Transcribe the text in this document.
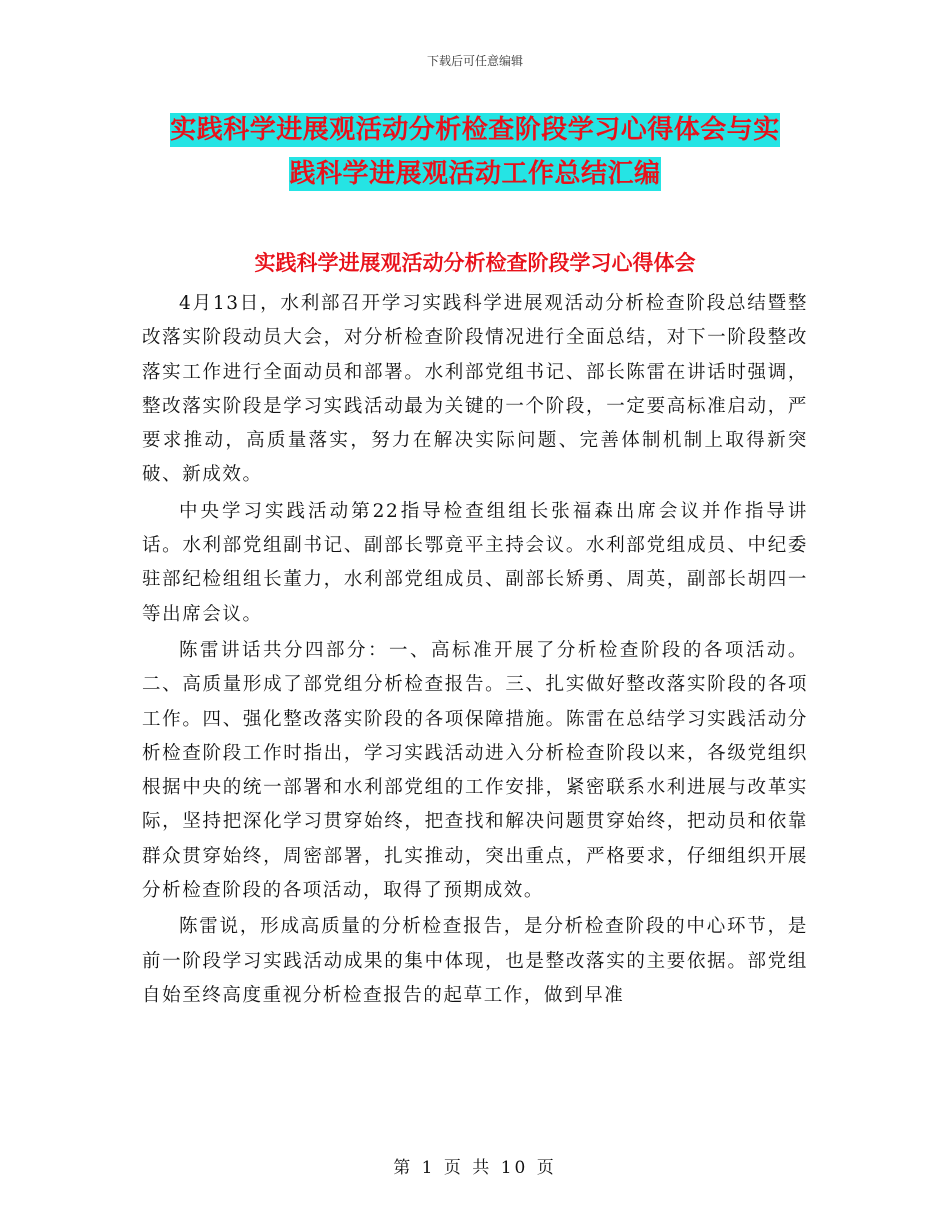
下载后可任意编辑
实践科学进展观活动分析检查阶段学习心得体会与实
践科学进展观活动工作总结汇编
实践科学进展观活动分析检查阶段学习心得体会

4月13日，水利部召开学习实践科学进展观活动分析检查阶段总结暨整改落实阶段动员大会，对分析检查阶段情况进行全面总结，对下一阶段整改落实工作进行全面动员和部署。水利部党组书记、部长陈雷在讲话时强调， 整改落实阶段是学习实践活动最为关键的一个阶段，一定要高标准启动，严要求推动，高质量落实，努力在解决实际问题、完善体制机制上取得新突破、新成效。

中央学习实践活动第22指导检查组组长张福森出席会议并作指导讲话。水利部党组副书记、副部长鄂竟平主持会议。水利部党组成员、中纪委驻部纪检组组长董力，水利部党组成员、副部长矫勇、周英，副部长胡四一等出席会议。

陈雷讲话共分四部分：一、高标准开展了分析检查阶段的各项活动。二、高质量形成了部党组分析检查报告。三、扎实做好整改落实阶段的各项工作。四、强化整改落实阶段的各项保障措施。陈雷在总结学习实践活动分析检查阶段工作时指出，学习实践活动进入分析检查阶段以来，各级党组织根据中央的统一部署和水利部党组的工作安排，紧密联系水利进展与改革实际，坚持把深化学习贯穿始终，把查找和解决问题贯穿始终，把动员和依靠群众贯穿始终，周密部署，扎实推动，突出重点，严格要求，仔细组织开展分析检查阶段的各项活动，取得了预期成效。

陈雷说，形成高质量的分析检查报告，是分析检查阶段的中心环节，是前一阶段学习实践活动成果的集中体现，也是整改落实的主要依据。部党组自始至终高度重视分析检查报告的起草工作，做到早准

第 1 页 共 10 页
